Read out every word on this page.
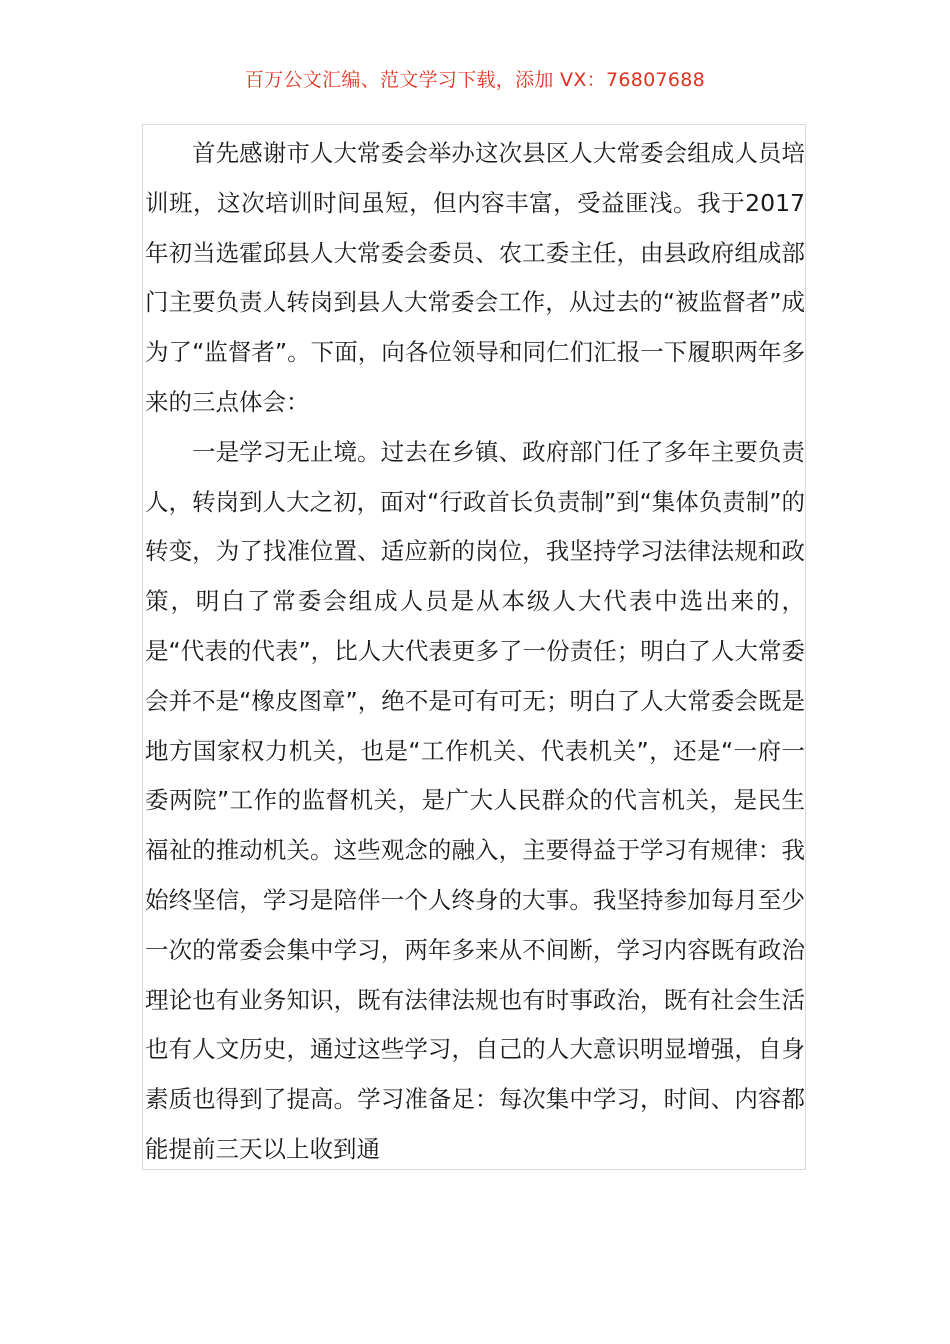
百万公文汇编、范文学习下载，添加 VX：76807688

首先感谢市人大常委会举办这次县区人大常委会组成人员培训班，这次培训时间虽短，但内容丰富，受益匪浅。我于2017年初当选霍邱县人大常委会委员、农工委主任，由县政府组成部门主要负责人转岗到县人大常委会工作，从过去的“被监督者”成为了“监督者”。下面，向各位领导和同仁们汇报一下履职两年多来的三点体会：

一是学习无止境。过去在乡镇、政府部门任了多年主要负责人，转岗到人大之初，面对“行政首长负责制”到“集体负责制”的转变，为了找准位置、适应新的岗位，我坚持学习法律法规和政策，明白了常委会组成人员是从本级人大代表中选出来的，是“代表的代表”，比人大代表更多了一份责任；明白了人大常委会并不是“橡皮图章”，绝不是可有可无；明白了人大常委会既是地方国家权力机关，也是“工作机关、代表机关”，还是“一府一委两院”工作的监督机关，是广大人民群众的代言机关，是民生福祉的推动机关。这些观念的融入，主要得益于学习有规律：我始终坚信，学习是陪伴一个人终身的大事。我坚持参加每月至少一次的常委会集中学习，两年多来从不间断，学习内容既有政治理论也有业务知识，既有法律法规也有时事政治，既有社会生活也有人文历史，通过这些学习，自己的人大意识明显增强，自身素质也得到了提高。学习准备足：每次集中学习，时间、内容都能提前三天以上收到通
